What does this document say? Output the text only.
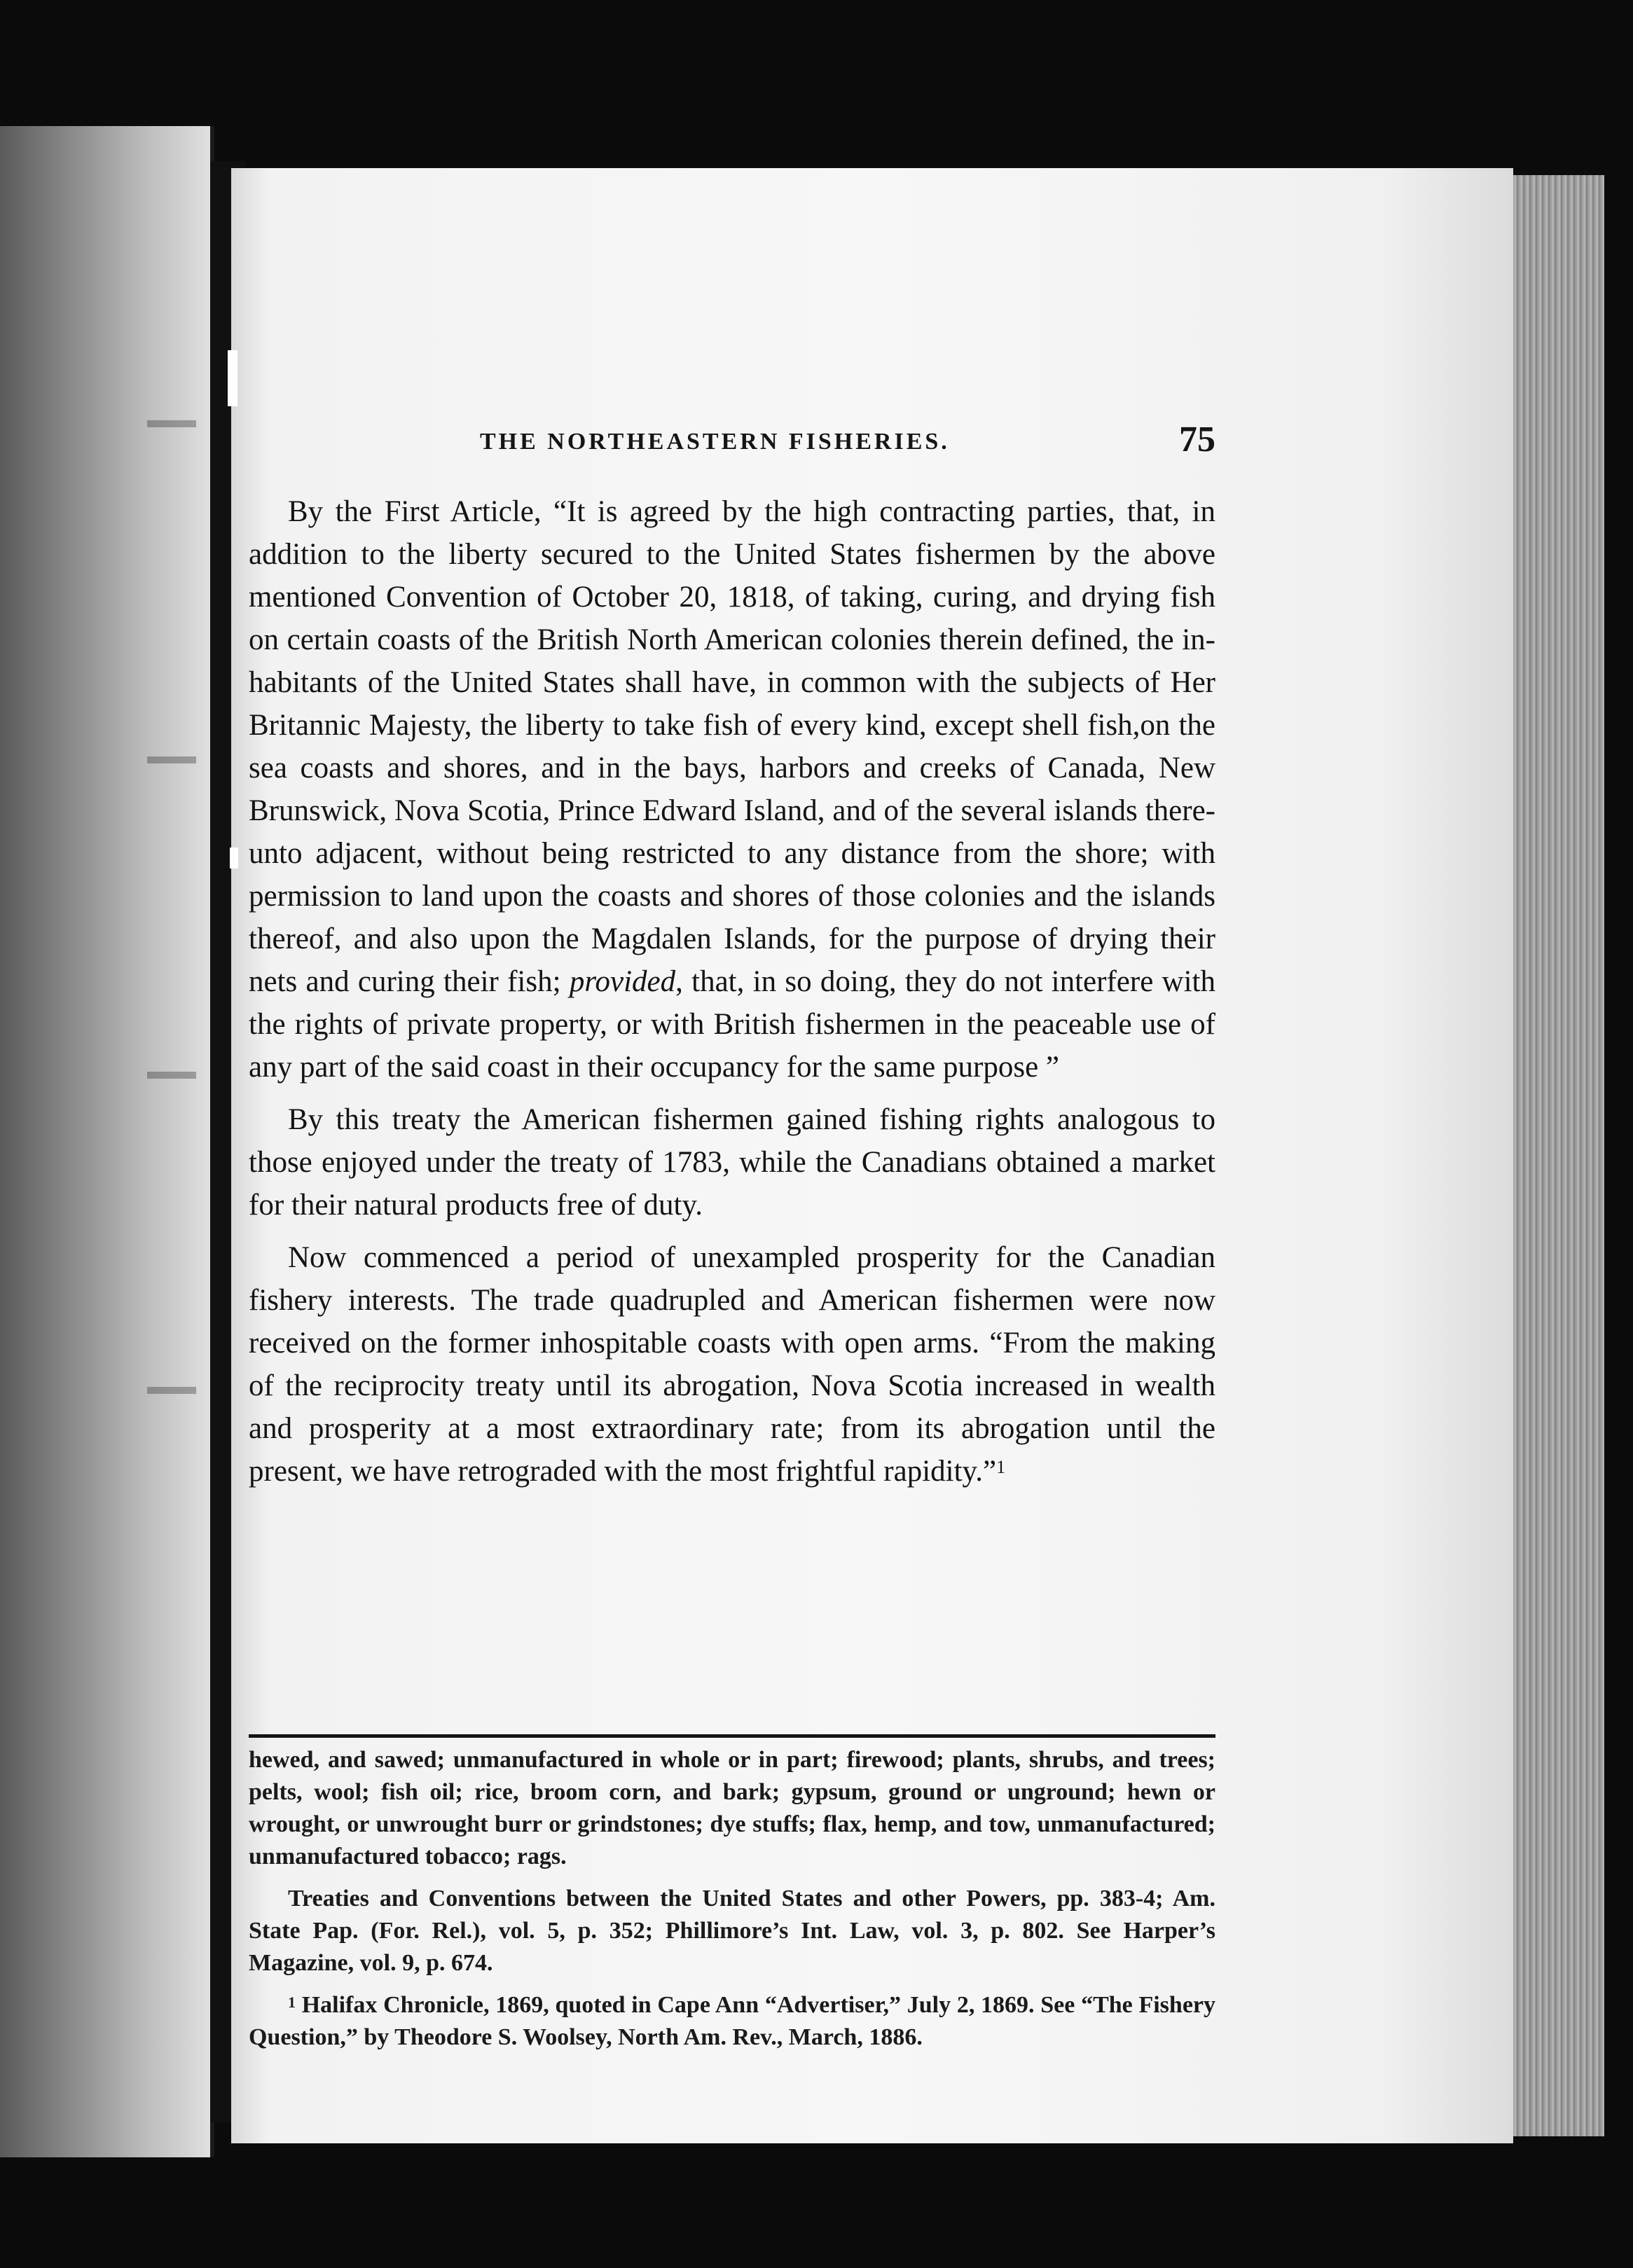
THE NORTHEASTERN FISHERIES.	75

By the First Article, “It is agreed by the high contracting parties, that, in addition to the liberty secured to the United States fishermen by the above mentioned Convention of October 20, 1818, of taking, curing, and drying fish on certain coasts of the British North American colonies therein defined, the inhabitants of the United States shall have, in common with the subjects of Her Britannic Majesty, the liberty to take fish of every kind, except shell fish,on the sea coasts and shores, and in the bays, harbors and creeks of Canada, New Brunswick, Nova Scotia, Prince Edward Island, and of the several islands thereunto adjacent, without being restricted to any distance from the shore; with permission to land upon the coasts and shores of those colonies and the islands thereof, and also upon the Magdalen Islands, for the purpose of drying their nets and curing their fish; provided, that, in so doing, they do not interfere with the rights of private property, or with British fishermen in the peaceable use of any part of the said coast in their occupancy for the same purpose ”

By this treaty the American fishermen gained fishing rights analogous to those enjoyed under the treaty of 1783, while the Canadians obtained a market for their natural products free of duty.

Now commenced a period of unexampled prosperity for the Canadian fishery interests. The trade quadrupled and American fishermen were now received on the former inhospitable coasts with open arms. “From the making of the reciprocity treaty until its abrogation, Nova Scotia increased in wealth and prosperity at a most extraordinary rate; from its abrogation until the present, we have retrograded with the most frightful rapidity.”$^1$

hewed, and sawed; unmanufactured in whole or in part; firewood; plants, shrubs, and trees; pelts, wool; fish oil; rice, broom corn, and bark; gypsum, ground or unground; hewn or wrought, or unwrought burr or grindstones; dye stuffs; flax, hemp, and tow, unmanufactured; unmanufactured tobacco; rags.

Treaties and Conventions between the United States and other Powers, pp. 383-4; Am. State Pap. (For. Rel.), vol. 5, p. 352; Phillimore’s Int. Law, vol. 3, p. 802. See Harper’s Magazine, vol. 9, p. 674.

$^1$ Halifax Chronicle, 1869, quoted in Cape Ann “Advertiser,” July 2, 1869. See “The Fishery Question,” by Theodore S. Woolsey, North Am. Rev., March, 1886.
